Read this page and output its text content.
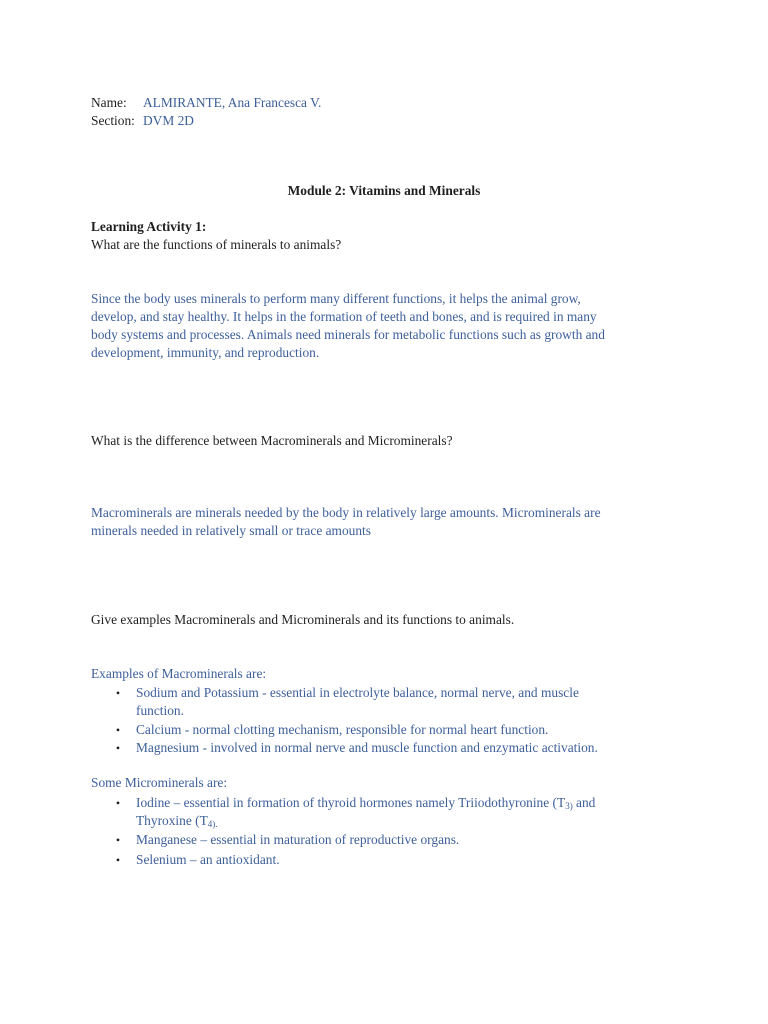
Name: ALMIRANTE, Ana Francesca V.
Section: DVM 2D
Module 2: Vitamins and Minerals
Learning Activity 1:
What are the functions of minerals to animals?
Since the body uses minerals to perform many different functions, it helps the animal grow,
develop, and stay healthy. It helps in the formation of teeth and bones, and is required in many
body systems and processes. Animals need minerals for metabolic functions such as growth and
development, immunity, and reproduction.
What is the difference between Macrominerals and Microminerals?
Macrominerals are minerals needed by the body in relatively large amounts. Microminerals are
minerals needed in relatively small or trace amounts
Give examples Macrominerals and Microminerals and its functions to animals.
Examples of Macrominerals are:
• Sodium and Potassium - essential in electrolyte balance, normal nerve, and muscle
function.
• Calcium - normal clotting mechanism, responsible for normal heart function.
• Magnesium - involved in normal nerve and muscle function and enzymatic activation.
Some Microminerals are:
• Iodine – essential in formation of thyroid hormones namely Triiodothyronine ($T_{3)}$ and
Thyroxine ($T_{4).}$
• Manganese – essential in maturation of reproductive organs.
• Selenium – an antioxidant.
